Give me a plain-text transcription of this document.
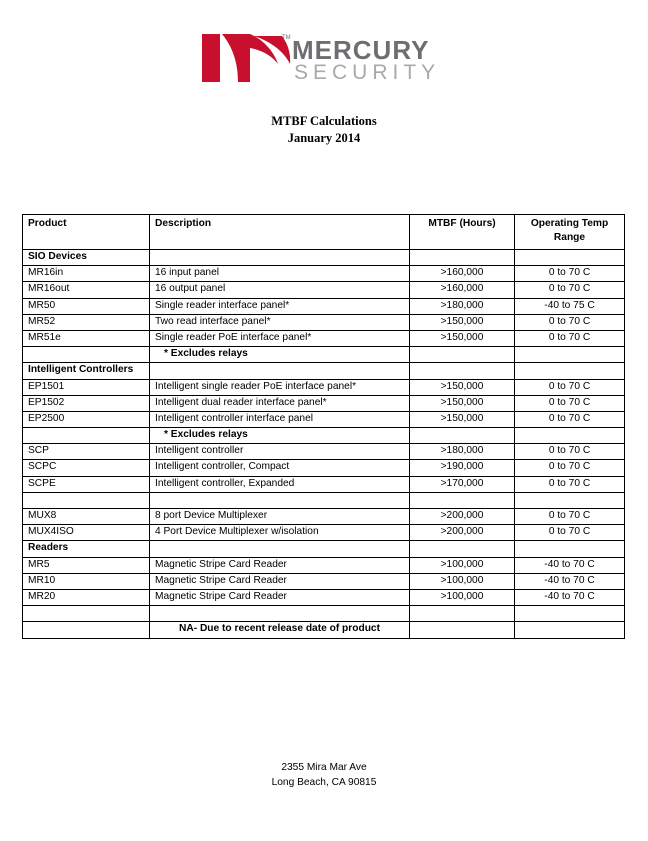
TM MERCURY
SECURITY
MTBF Calculations
January 2014
Product	Description	MTBF (Hours)	Operating Temp Range
SIO Devices			
MR16in	16 input panel	>160,000	0 to 70 C
MR16out	16 output panel	>160,000	0 to 70 C
MR50	Single reader interface panel*	>180,000	-40 to 75 C
MR52	Two read interface panel*	>150,000	0 to 70 C
MR51e	Single reader PoE interface panel*	>150,000	0 to 70 C
	* Excludes relays		
Intelligent Controllers			
EP1501	Intelligent single reader PoE interface panel*	>150,000	0 to 70 C
EP1502	Intelligent dual reader interface panel*	>150,000	0 to 70 C
EP2500	Intelligent controller interface panel	>150,000	0 to 70 C
	* Excludes relays		
SCP	Intelligent controller	>180,000	0 to 70 C
SCPC	Intelligent controller, Compact	>190,000	0 to 70 C
SCPE	Intelligent controller, Expanded	>170,000	0 to 70 C

MUX8	8 port Device Multiplexer	>200,000	0 to 70 C
MUX4ISO	4 Port Device Multiplexer w/isolation	>200,000	0 to 70 C
Readers			
MR5	Magnetic Stripe Card Reader	>100,000	-40 to 70 C
MR10	Magnetic Stripe Card Reader	>100,000	-40 to 70 C
MR20	Magnetic Stripe Card Reader	>100,000	-40 to 70 C

	NA- Due to recent release date of product		
2355 Mira Mar Ave
Long Beach, CA 90815
